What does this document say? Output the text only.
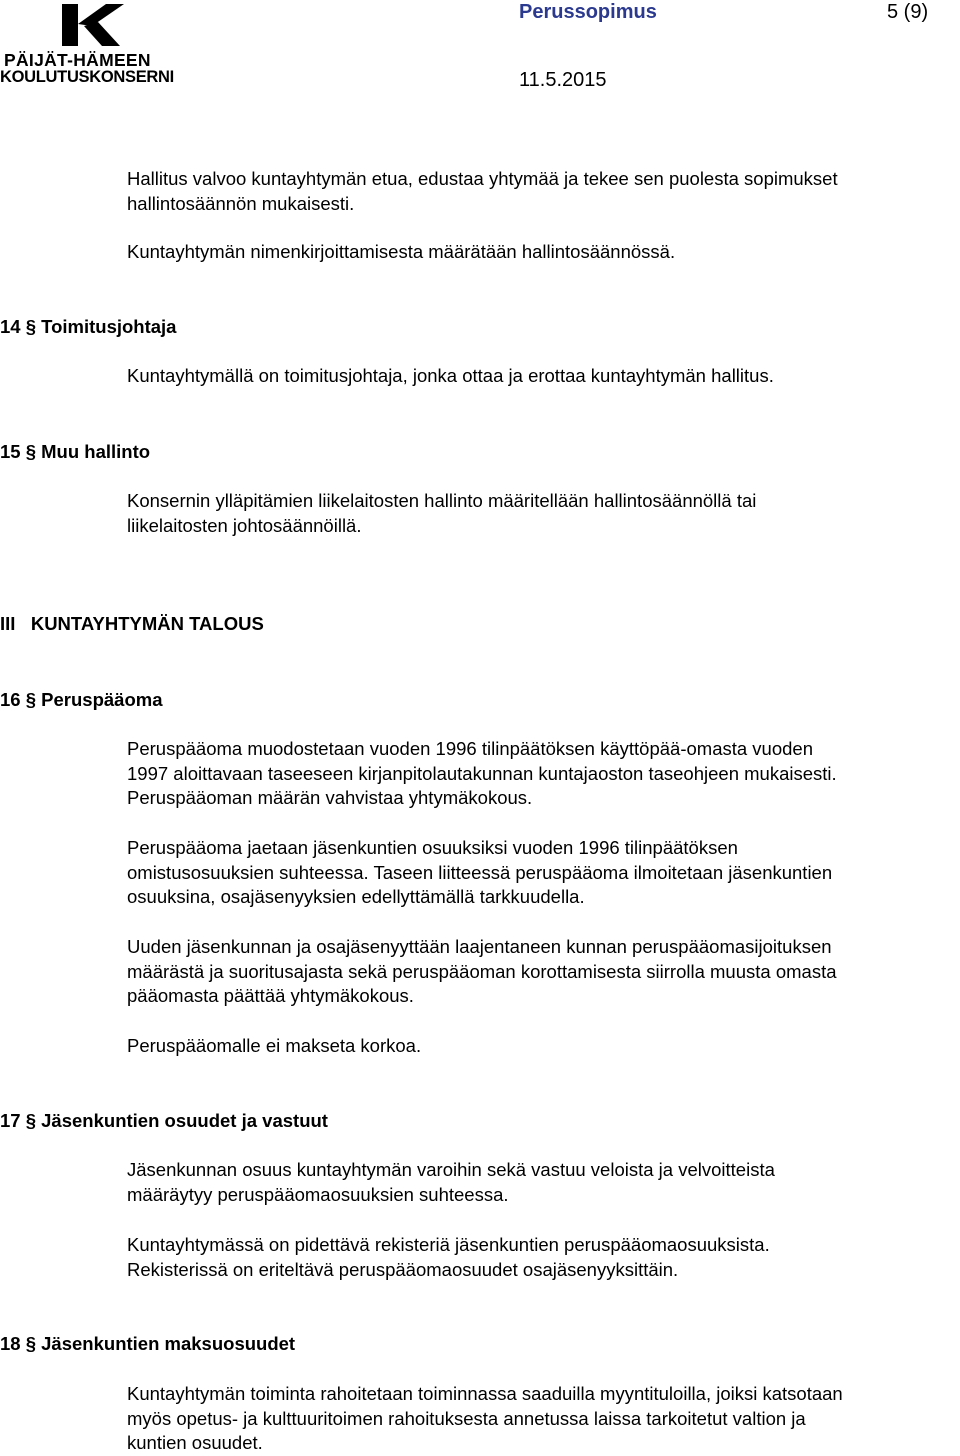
PÄIJÄT-HÄMEEN
KOULUTUSKONSERNI
Perussopimus	5 (9)
11.5.2015

Hallitus valvoo kuntayhtymän etua, edustaa yhtymää ja tekee sen puolesta sopimukset
hallintosäännön mukaisesti.

Kuntayhtymän nimenkirjoittamisesta määrätään hallintosäännössä.

14 § Toimitusjohtaja

Kuntayhtymällä on toimitusjohtaja, jonka ottaa ja erottaa kuntayhtymän hallitus.

15 § Muu hallinto

Konsernin ylläpitämien liikelaitosten hallinto määritellään hallintosäännöllä tai
liikelaitosten johtosäännöillä.

III   KUNTAYHTYMÄN TALOUS

16 § Peruspääoma

Peruspääoma muodostetaan vuoden 1996 tilinpäätöksen käyttöpää-omasta vuoden
1997 aloittavaan taseeseen kirjanpitolautakunnan kuntajaoston taseohjeen mukaisesti.
Peruspääoman määrän vahvistaa yhtymäkokous.

Peruspääoma jaetaan jäsenkuntien osuuksiksi vuoden 1996 tilinpäätöksen
omistusosuuksien suhteessa. Taseen liitteessä peruspääoma ilmoitetaan jäsenkuntien
osuuksina, osajäsenyyksien edellyttämällä tarkkuudella.

Uuden jäsenkunnan ja osajäsenyyttään laajentaneen kunnan peruspääomasijoituksen
määrästä ja suoritusajasta sekä peruspääoman korottamisesta siirrolla muusta omasta
pääomasta päättää yhtymäkokous.

Peruspääomalle ei makseta korkoa.

17 § Jäsenkuntien osuudet ja vastuut

Jäsenkunnan osuus kuntayhtymän varoihin sekä vastuu veloista ja velvoitteista
määräytyy peruspääomaosuuksien suhteessa.

Kuntayhtymässä on pidettävä rekisteriä jäsenkuntien peruspääomaosuuksista.
Rekisterissä on eriteltävä peruspääomaosuudet osajäsenyyksittäin.

18 § Jäsenkuntien maksuosuudet

Kuntayhtymän toiminta rahoitetaan toiminnassa saaduilla myyntituloilla, joiksi katsotaan
myös opetus- ja kulttuuritoimen rahoituksesta annetussa laissa tarkoitetut valtion ja
kuntien osuudet.
